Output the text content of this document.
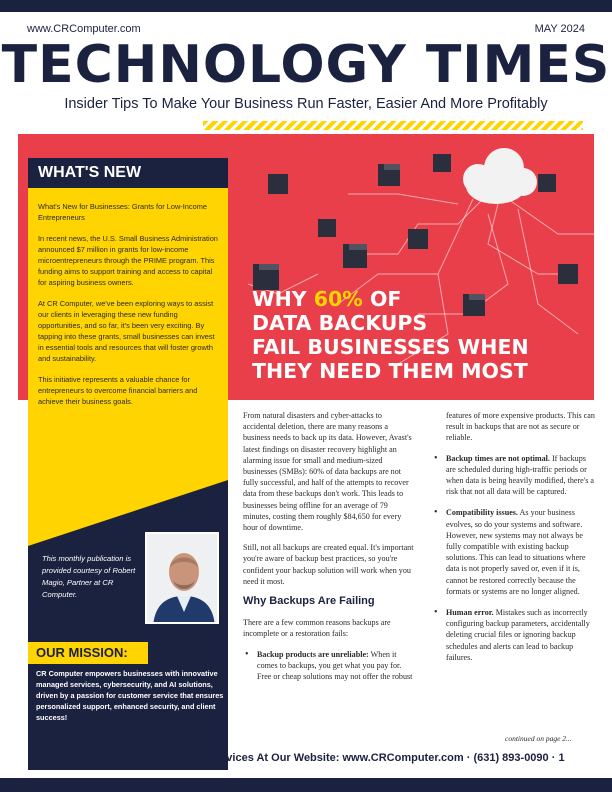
www.CRComputer.com	MAY 2024
TECHNOLOGY TIMES
Insider Tips To Make Your Business Run Faster, Easier And More Profitably
WHY 60% OF
DATA BACKUPS
FAIL BUSINESSES WHEN
THEY NEED THEM MOST
WHAT'S NEW

What's New for Businesses: Grants for Low-Income Entrepreneurs

In recent news, the U.S. Small Business Administration announced $7 million in grants for low-income microentrepreneurs through the PRIME program. This funding aims to support training and access to capital for aspiring business owners.

At CR Computer, we've been exploring ways to assist our clients in leveraging these new funding opportunities, and so far, it's been very exciting. By tapping into these grants, small businesses can invest in essential tools and resources that will foster growth and sustainability.

This initiative represents a valuable chance for entrepreneurs to overcome financial barriers and achieve their business goals.

This monthly publication is provided courtesy of Robert Magio, Partner at CR Computer.
OUR MISSION:
CR Computer empowers businesses with innovative managed services, cybersecurity, and AI solutions, driven by a passion for customer service that ensures personalized support, enhanced security, and client success!

From natural disasters and cyber-attacks to accidental deletion, there are many reasons a business needs to back up its data. However, Avast's latest findings on disaster recovery highlight an alarming issue for small and medium-sized businesses (SMBs): 60% of data backups are not fully successful, and half of the attempts to recover data from these backups don't work. This leads to businesses being offline for an average of 79 minutes, costing them roughly $84,650 for every hour of downtime.

Still, not all backups are created equal. It's important you're aware of backup best practices, so you're confident your backup solution will work when you need it most.

Why Backups Are Failing

There are a few common reasons backups are incomplete or a restoration fails:

• Backup products are unreliable: When it comes to backups, you get what you pay for. Free or cheap solutions may not offer the robust

features of more expensive products. This can result in backups that are not as secure or reliable.

• Backup times are not optimal. If backups are scheduled during high-traffic periods or when data is being heavily modified, there's a risk that not all data will be captured.
• Compatibility issues. As your business evolves, so do your systems and software. However, new systems may not always be fully compatible with existing backup solutions. This can lead to situations where data is not properly saved or, even if it is, cannot be restored correctly because the formats or systems are no longer aligned.
• Human error. Mistakes such as incorrectly configuring backup parameters, accidentally deleting crucial files or ignoring backup schedules and alerts can lead to backup failures.
continued on page 2...
Get More Free Tips, Tools And Services At Our Website: www.CRComputer.com · (631) 893-0090 · 1
